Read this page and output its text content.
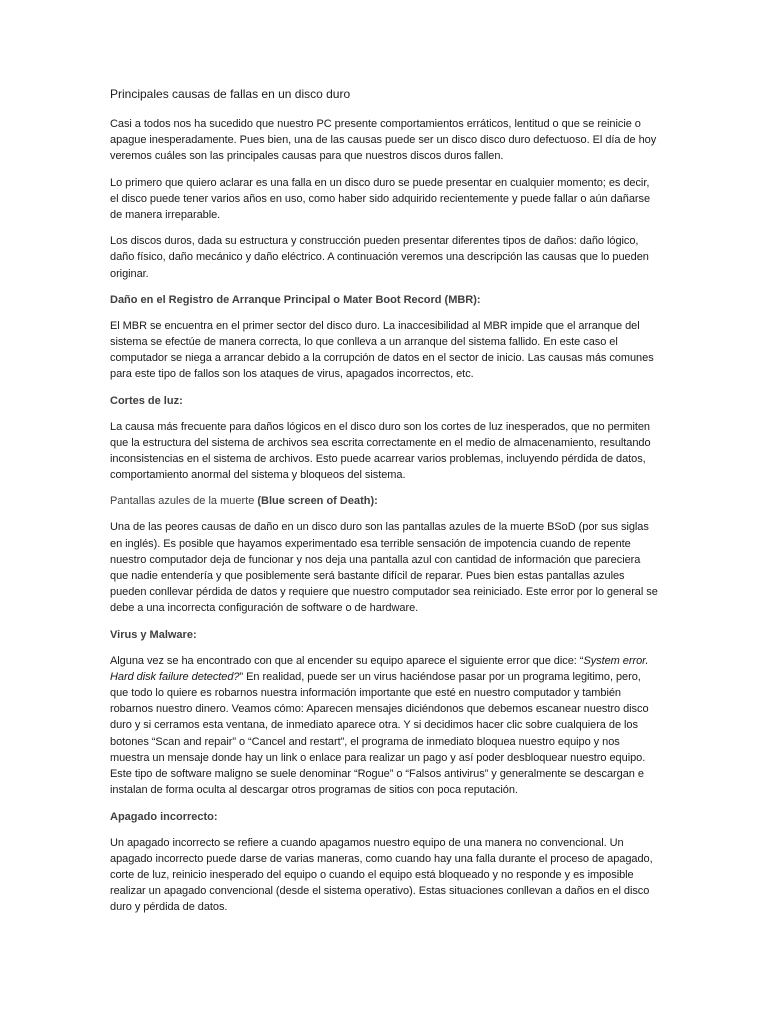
Principales causas de fallas en un disco duro

Casi a todos nos ha sucedido que nuestro PC presente comportamientos erráticos, lentitud o que se reinicie o apague inesperadamente. Pues bien, una de las causas puede ser un disco disco duro defectuoso. El día de hoy veremos cuáles son las principales causas para que nuestros discos duros fallen.

Lo primero que quiero aclarar es una falla en un disco duro se puede presentar en cualquier momento; es decir, el disco puede tener varios años en uso, como haber sido adquirido recientemente y puede fallar o aún dañarse de manera irreparable.

Los discos duros, dada su estructura y construcción pueden presentar diferentes tipos de daños: daño lógico, daño físico, daño mecánico y daño eléctrico. A continuación veremos una descripción las causas que lo pueden originar.

Daño en el Registro de Arranque Principal o Mater Boot Record (MBR):

El MBR se encuentra en el primer sector del disco duro. La inaccesibilidad al MBR impide que el arranque del sistema se efectúe de manera correcta, lo que conlleva a un arranque del sistema fallido. En este caso el computador se niega a arrancar debido a la corrupción de datos en el sector de inicio. Las causas más comunes para este tipo de fallos son los ataques de virus, apagados incorrectos, etc.

Cortes de luz:

La causa más frecuente para daños lógicos en el disco duro son los cortes de luz inesperados, que no permiten que la estructura del sistema de archivos sea escrita correctamente en el medio de almacenamiento, resultando inconsistencias en el sistema de archivos. Esto puede acarrear varios problemas, incluyendo pérdida de datos, comportamiento anormal del sistema y bloqueos del sistema.

Pantallas azules de la muerte (Blue screen of Death):

Una de las peores causas de daño en un disco duro son las pantallas azules de la muerte BSoD (por sus siglas en inglés). Es posible que hayamos experimentado esa terrible sensación de impotencia cuando de repente nuestro computador deja de funcionar y nos deja una pantalla azul con cantidad de información que pareciera que nadie entendería y que posiblemente será bastante difícil de reparar. Pues bien estas pantallas azules pueden conllevar pérdida de datos y requiere que nuestro computador sea reiniciado. Este error por lo general se debe a una incorrecta configuración de software o de hardware.

Virus y Malware:

Alguna vez se ha encontrado con que al encender su equipo aparece el siguiente error que dice: “System error. Hard disk failure detected?” En realidad, puede ser un virus haciéndose pasar por un programa legitimo, pero, que todo lo quiere es robarnos nuestra información importante que esté en nuestro computador y también robarnos nuestro dinero. Veamos cómo: Aparecen mensajes diciéndonos que debemos escanear nuestro disco duro y si cerramos esta ventana, de inmediato aparece otra. Y si decidimos hacer clic sobre cualquiera de los botones “Scan and repair” o “Cancel and restart”, el programa de inmediato bloquea nuestro equipo y nos muestra un mensaje donde hay un link o enlace para realizar un pago y así poder desbloquear nuestro equipo. Este tipo de software maligno se suele denominar “Rogue” o “Falsos antivirus” y generalmente se descargan e instalan de forma oculta al descargar otros programas de sitios con poca reputación.

Apagado incorrecto:

Un apagado incorrecto se refiere a cuando apagamos nuestro equipo de una manera no convencional. Un apagado incorrecto puede darse de varias maneras, como cuando hay una falla durante el proceso de apagado, corte de luz, reinicio inesperado del equipo o cuando el equipo está bloqueado y no responde y es imposible realizar un apagado convencional (desde el sistema operativo). Estas situaciones conllevan a daños en el disco duro y pérdida de datos.
